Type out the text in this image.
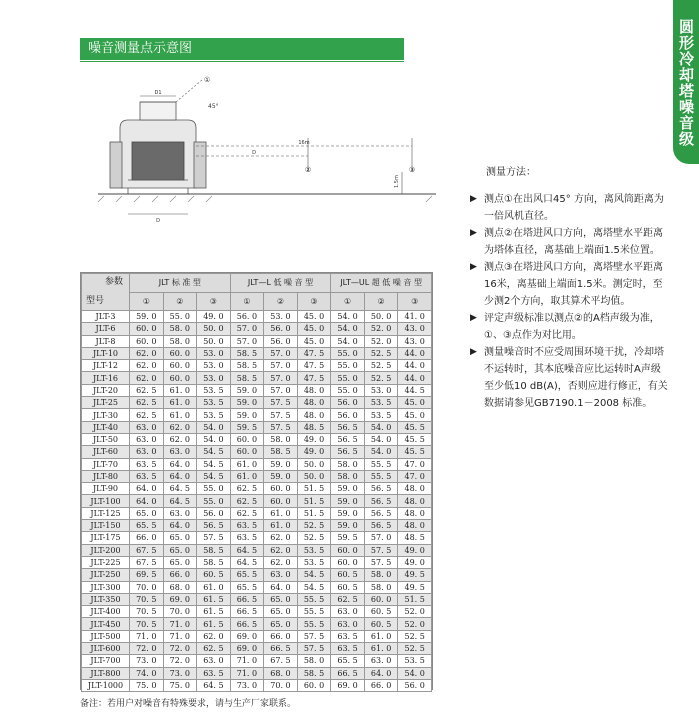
圆形冷却塔噪音级
噪音测量点示意图
D1
45°
D
16m
1.5m
D
①
②	③	测量方法：
▶ 测点①在出风口45° 方向，离风筒距离为一倍风机直径。
▶ 测点②在塔进风口方向，离塔壁水平距离为塔体直径，离基础上端面1.5米位置。
▶ 测点③在塔进风口方向，离塔壁水平距离16米，离基础上端面1.5米。测定时，至少测2个方向，取其算术平均值。
▶ 评定声级标准以测点②的A档声级为准，①、③点作为对比用。
▶ 测量噪音时不应受周围环境干扰，冷却塔不运转时，其本底噪音应比运转时A声级至少低10 dB(A)，否则应进行修正，有关数据请参见GB7190.1－2008 标准。
参数
型号	JLT 标 准 型			JLT—L 低 噪 音 型			JLT—UL 超 低 噪 音 型		
	①	②	③	①	②	③	①	②	③
JLT-3	59. 0	55. 0	49. 0	56. 0	53. 0	45. 0	54. 0	50. 0	41. 0
JLT-6	60. 0	58. 0	50. 0	57. 0	56. 0	45. 0	54. 0	52. 0	43. 0
JLT-8	60. 0	58. 0	50. 0	57. 0	56. 0	45. 0	54. 0	52. 0	43. 0
JLT-10	62. 0	60. 0	53. 0	58. 5	57. 0	47. 5	55. 0	52. 5	44. 0
JLT-12	62. 0	60. 0	53. 0	58. 5	57. 0	47. 5	55. 0	52. 5	44. 0
JLT-16	62. 0	60. 0	53. 0	58. 5	57. 0	47. 5	55. 0	52. 5	44. 0
JLT-20	62. 5	61. 0	53. 5	59. 0	57. 0	48. 0	55. 0	53. 0	44. 5
JLT-25	62. 5	61. 0	53. 5	59. 0	57. 5	48. 0	56. 0	53. 5	45. 0
JLT-30	62. 5	61. 0	53. 5	59. 0	57. 5	48. 0	56. 0	53. 5	45. 0
JLT-40	63. 0	62. 0	54. 0	59. 5	57. 5	48. 5	56. 5	54. 0	45. 5
JLT-50	63. 0	62. 0	54. 0	60. 0	58. 0	49. 0	56. 5	54. 0	45. 5
JLT-60	63. 0	63. 0	54. 5	60. 0	58. 5	49. 0	56. 5	54. 0	45. 5
JLT-70	63. 5	64. 0	54. 5	61. 0	59. 0	50. 0	58. 0	55. 5	47. 0
JLT-80	63. 5	64. 0	54. 5	61. 0	59. 0	50. 0	58. 0	55. 5	47. 0
JLT-90	64. 0	64. 5	55. 0	62. 5	60. 0	51. 5	59. 0	56. 5	48. 0
JLT-100	64. 0	64. 5	55. 0	62. 5	60. 0	51. 5	59. 0	56. 5	48. 0
JLT-125	65. 0	63. 0	56. 0	62. 5	61. 0	51. 5	59. 0	56. 5	48. 0
JLT-150	65. 5	64. 0	56. 5	63. 5	61. 0	52. 5	59. 0	56. 5	48. 0
JLT-175	66. 0	65. 0	57. 5	63. 5	62. 0	52. 5	59. 5	57. 0	48. 5
JLT-200	67. 5	65. 0	58. 5	64. 5	62. 0	53. 5	60. 0	57. 5	49. 0
JLT-225	67. 5	65. 0	58. 5	64. 5	62. 0	53. 5	60. 0	57. 5	49. 0
JLT-250	69. 5	66. 0	60. 5	65. 5	63. 0	54. 5	60. 5	58. 0	49. 5
JLT-300	70. 0	68. 0	61. 0	65. 5	64. 0	54. 5	60. 5	58. 0	49. 5
JLT-350	70. 5	69. 0	61. 5	66. 5	65. 0	55. 5	62. 5	60. 0	51. 5
JLT-400	70. 5	70. 0	61. 5	66. 5	65. 0	55. 5	63. 0	60. 5	52. 0
JLT-450	70. 5	71. 0	61. 5	66. 5	65. 0	55. 5	63. 0	60. 5	52. 0
JLT-500	71. 0	71. 0	62. 0	69. 0	66. 0	57. 5	63. 5	61. 0	52. 5
JLT-600	72. 0	72. 0	62. 5	69. 0	66. 5	57. 5	63. 5	61. 0	52. 5
JLT-700	73. 0	72. 0	63. 0	71. 0	67. 5	58. 0	65. 5	63. 0	53. 5
JLT-800	74. 0	73. 0	63. 5	71. 0	68. 0	58. 5	66. 5	64. 0	54. 0
JLT-1000	75. 0	75. 0	64. 5	73. 0	70. 0	60. 0	69. 0	66. 0	56. 0
备注：若用户对噪音有特殊要求，请与生产厂家联系。
